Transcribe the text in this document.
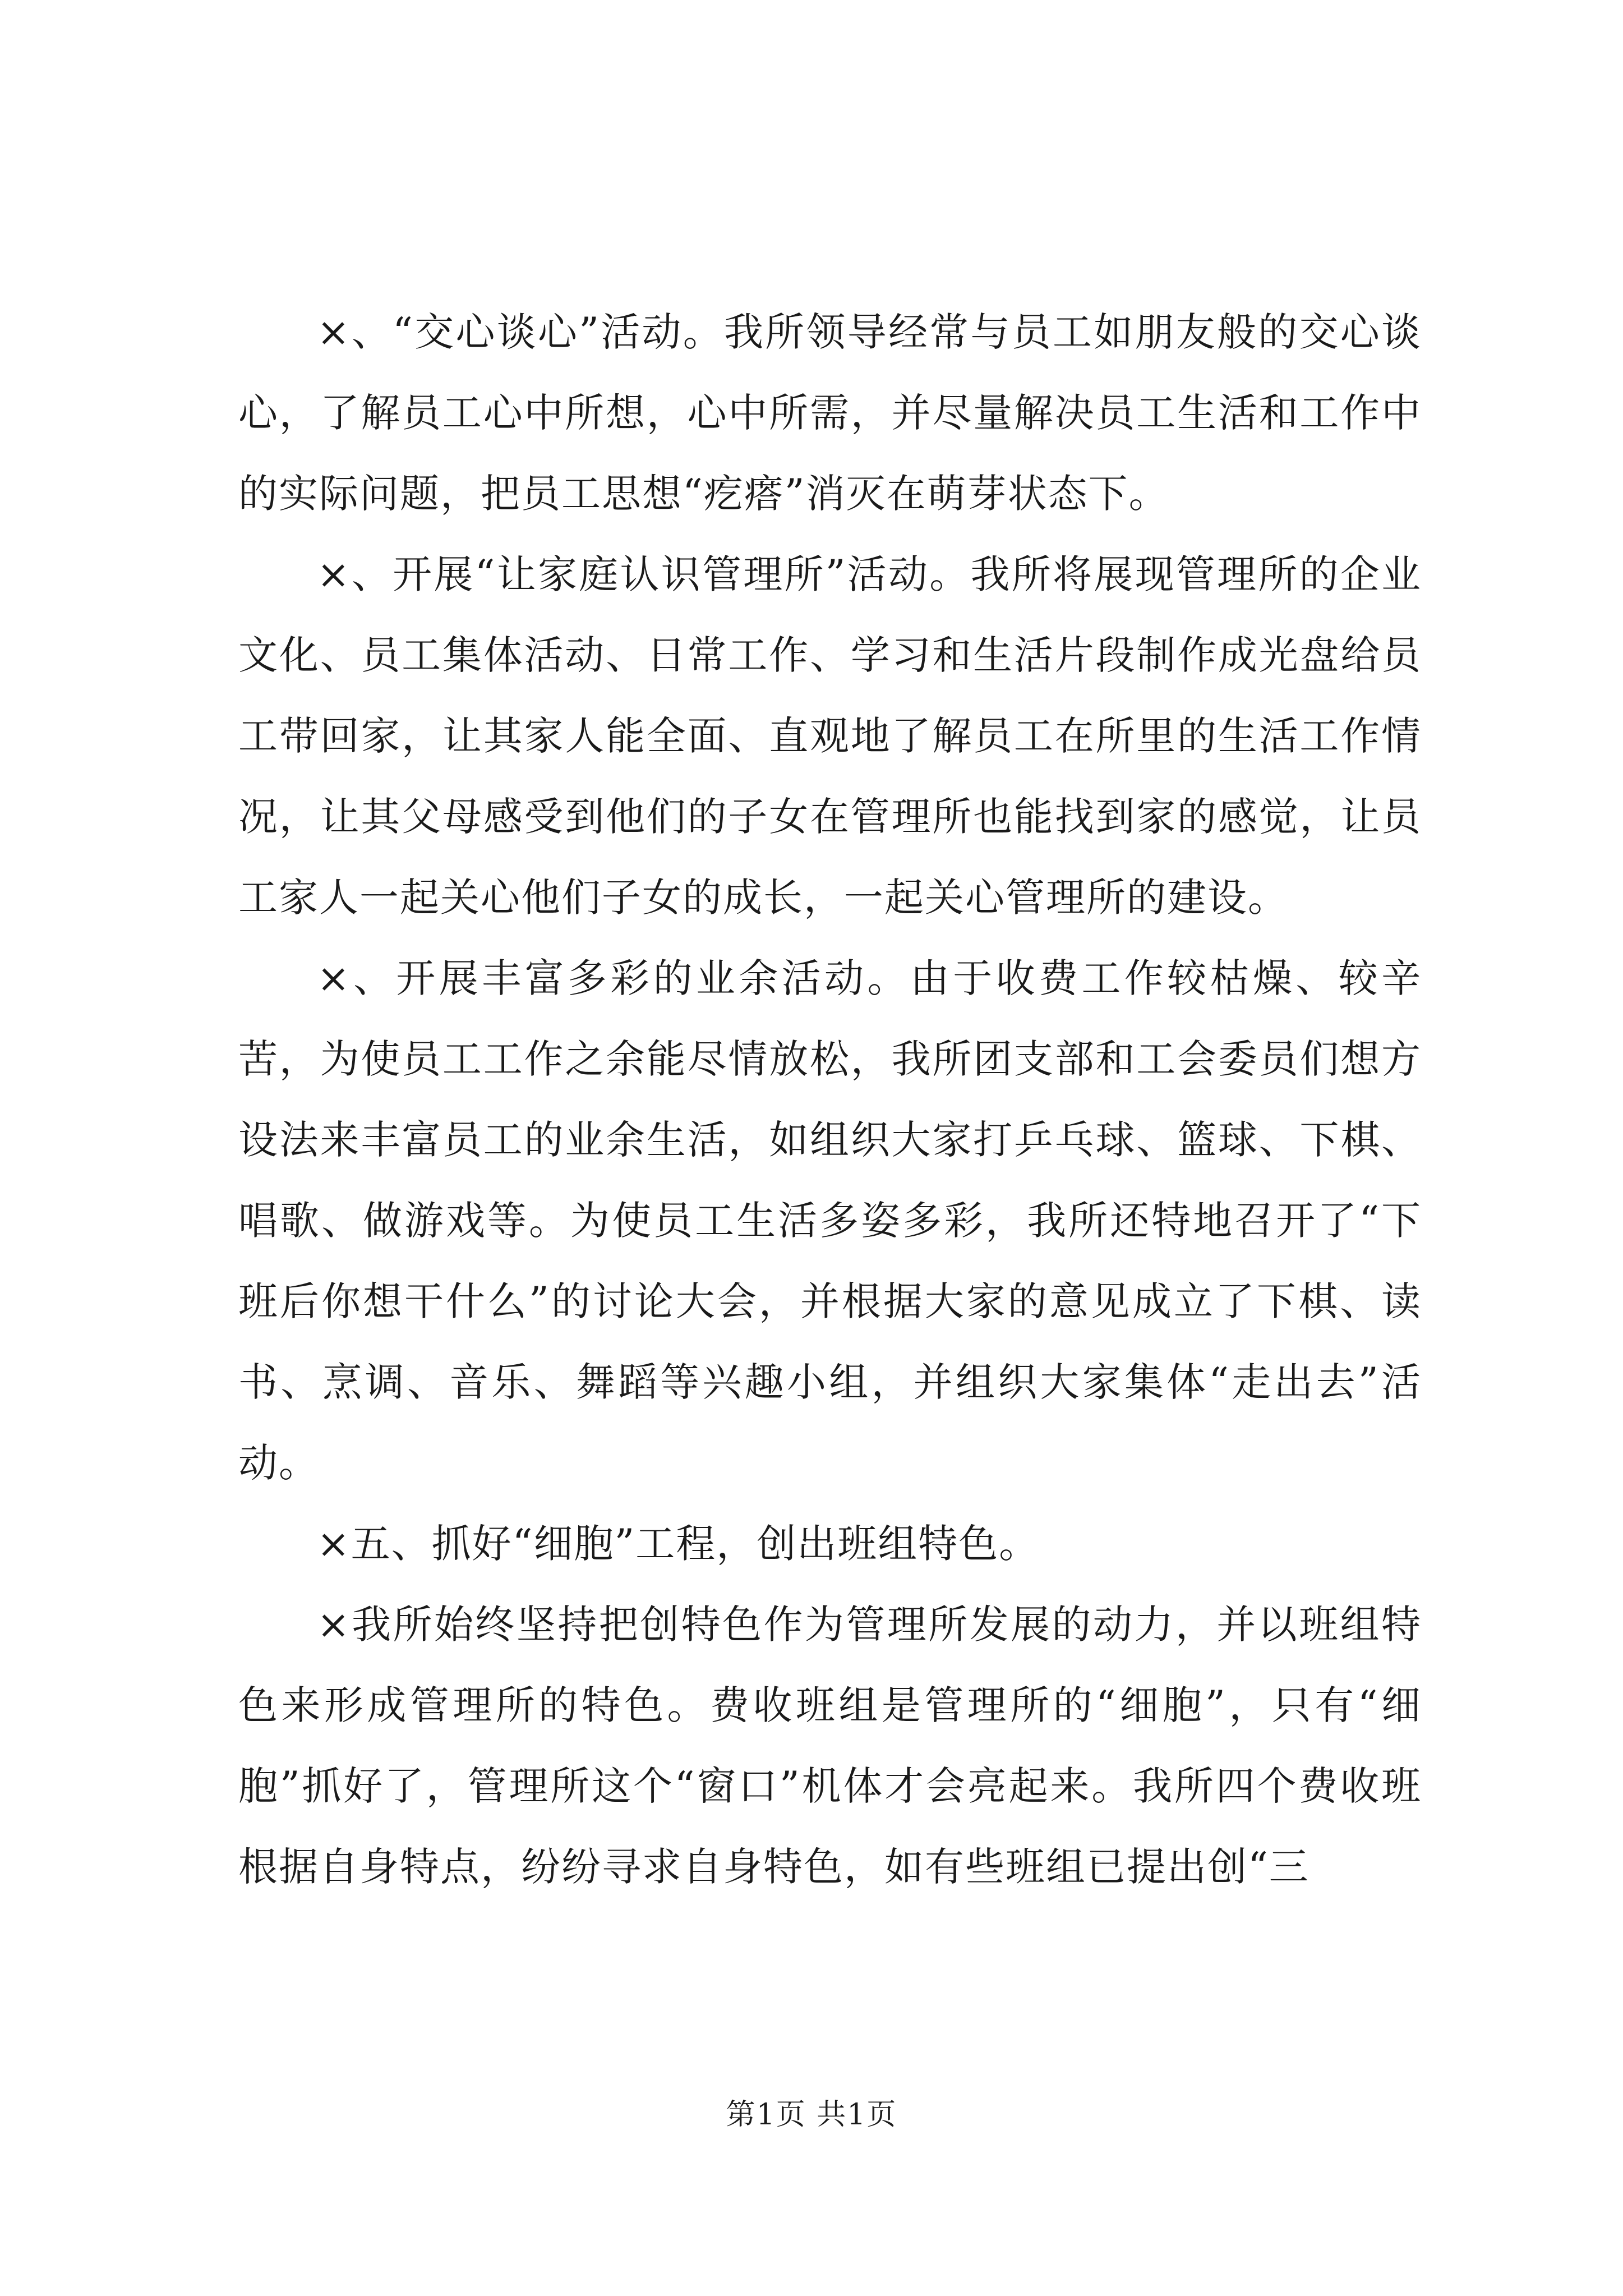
×、“交心谈心”活动。我所领导经常与员工如朋友般的交心谈心，了解员工心中所想，心中所需，并尽量解决员工生活和工作中的实际问题，把员工思想“疙瘩”消灭在萌芽状态下。

×、开展“让家庭认识管理所”活动。我所将展现管理所的企业文化、员工集体活动、日常工作、学习和生活片段制作成光盘给员工带回家，让其家人能全面、直观地了解员工在所里的生活工作情况，让其父母感受到他们的子女在管理所也能找到家的感觉，让员工家人一起关心他们子女的成长，一起关心管理所的建设。

×、开展丰富多彩的业余活动。由于收费工作较枯燥、较辛苦，为使员工工作之余能尽情放松，我所团支部和工会委员们想方设法来丰富员工的业余生活，如组织大家打乒乓球、篮球、下棋、唱歌、做游戏等。为使员工生活多姿多彩，我所还特地召开了“下班后你想干什么”的讨论大会，并根据大家的意见成立了下棋、读书、烹调、音乐、舞蹈等兴趣小组，并组织大家集体“走出去”活动。

×五、抓好“细胞”工程，创出班组特色。

×我所始终坚持把创特色作为管理所发展的动力，并以班组特色来形成管理所的特色。费收班组是管理所的“细胞”，只有“细胞”抓好了，管理所这个“窗口”机体才会亮起来。我所四个费收班根据自身特点，纷纷寻求自身特色，如有些班组已提出创“三

第1页 共1页
